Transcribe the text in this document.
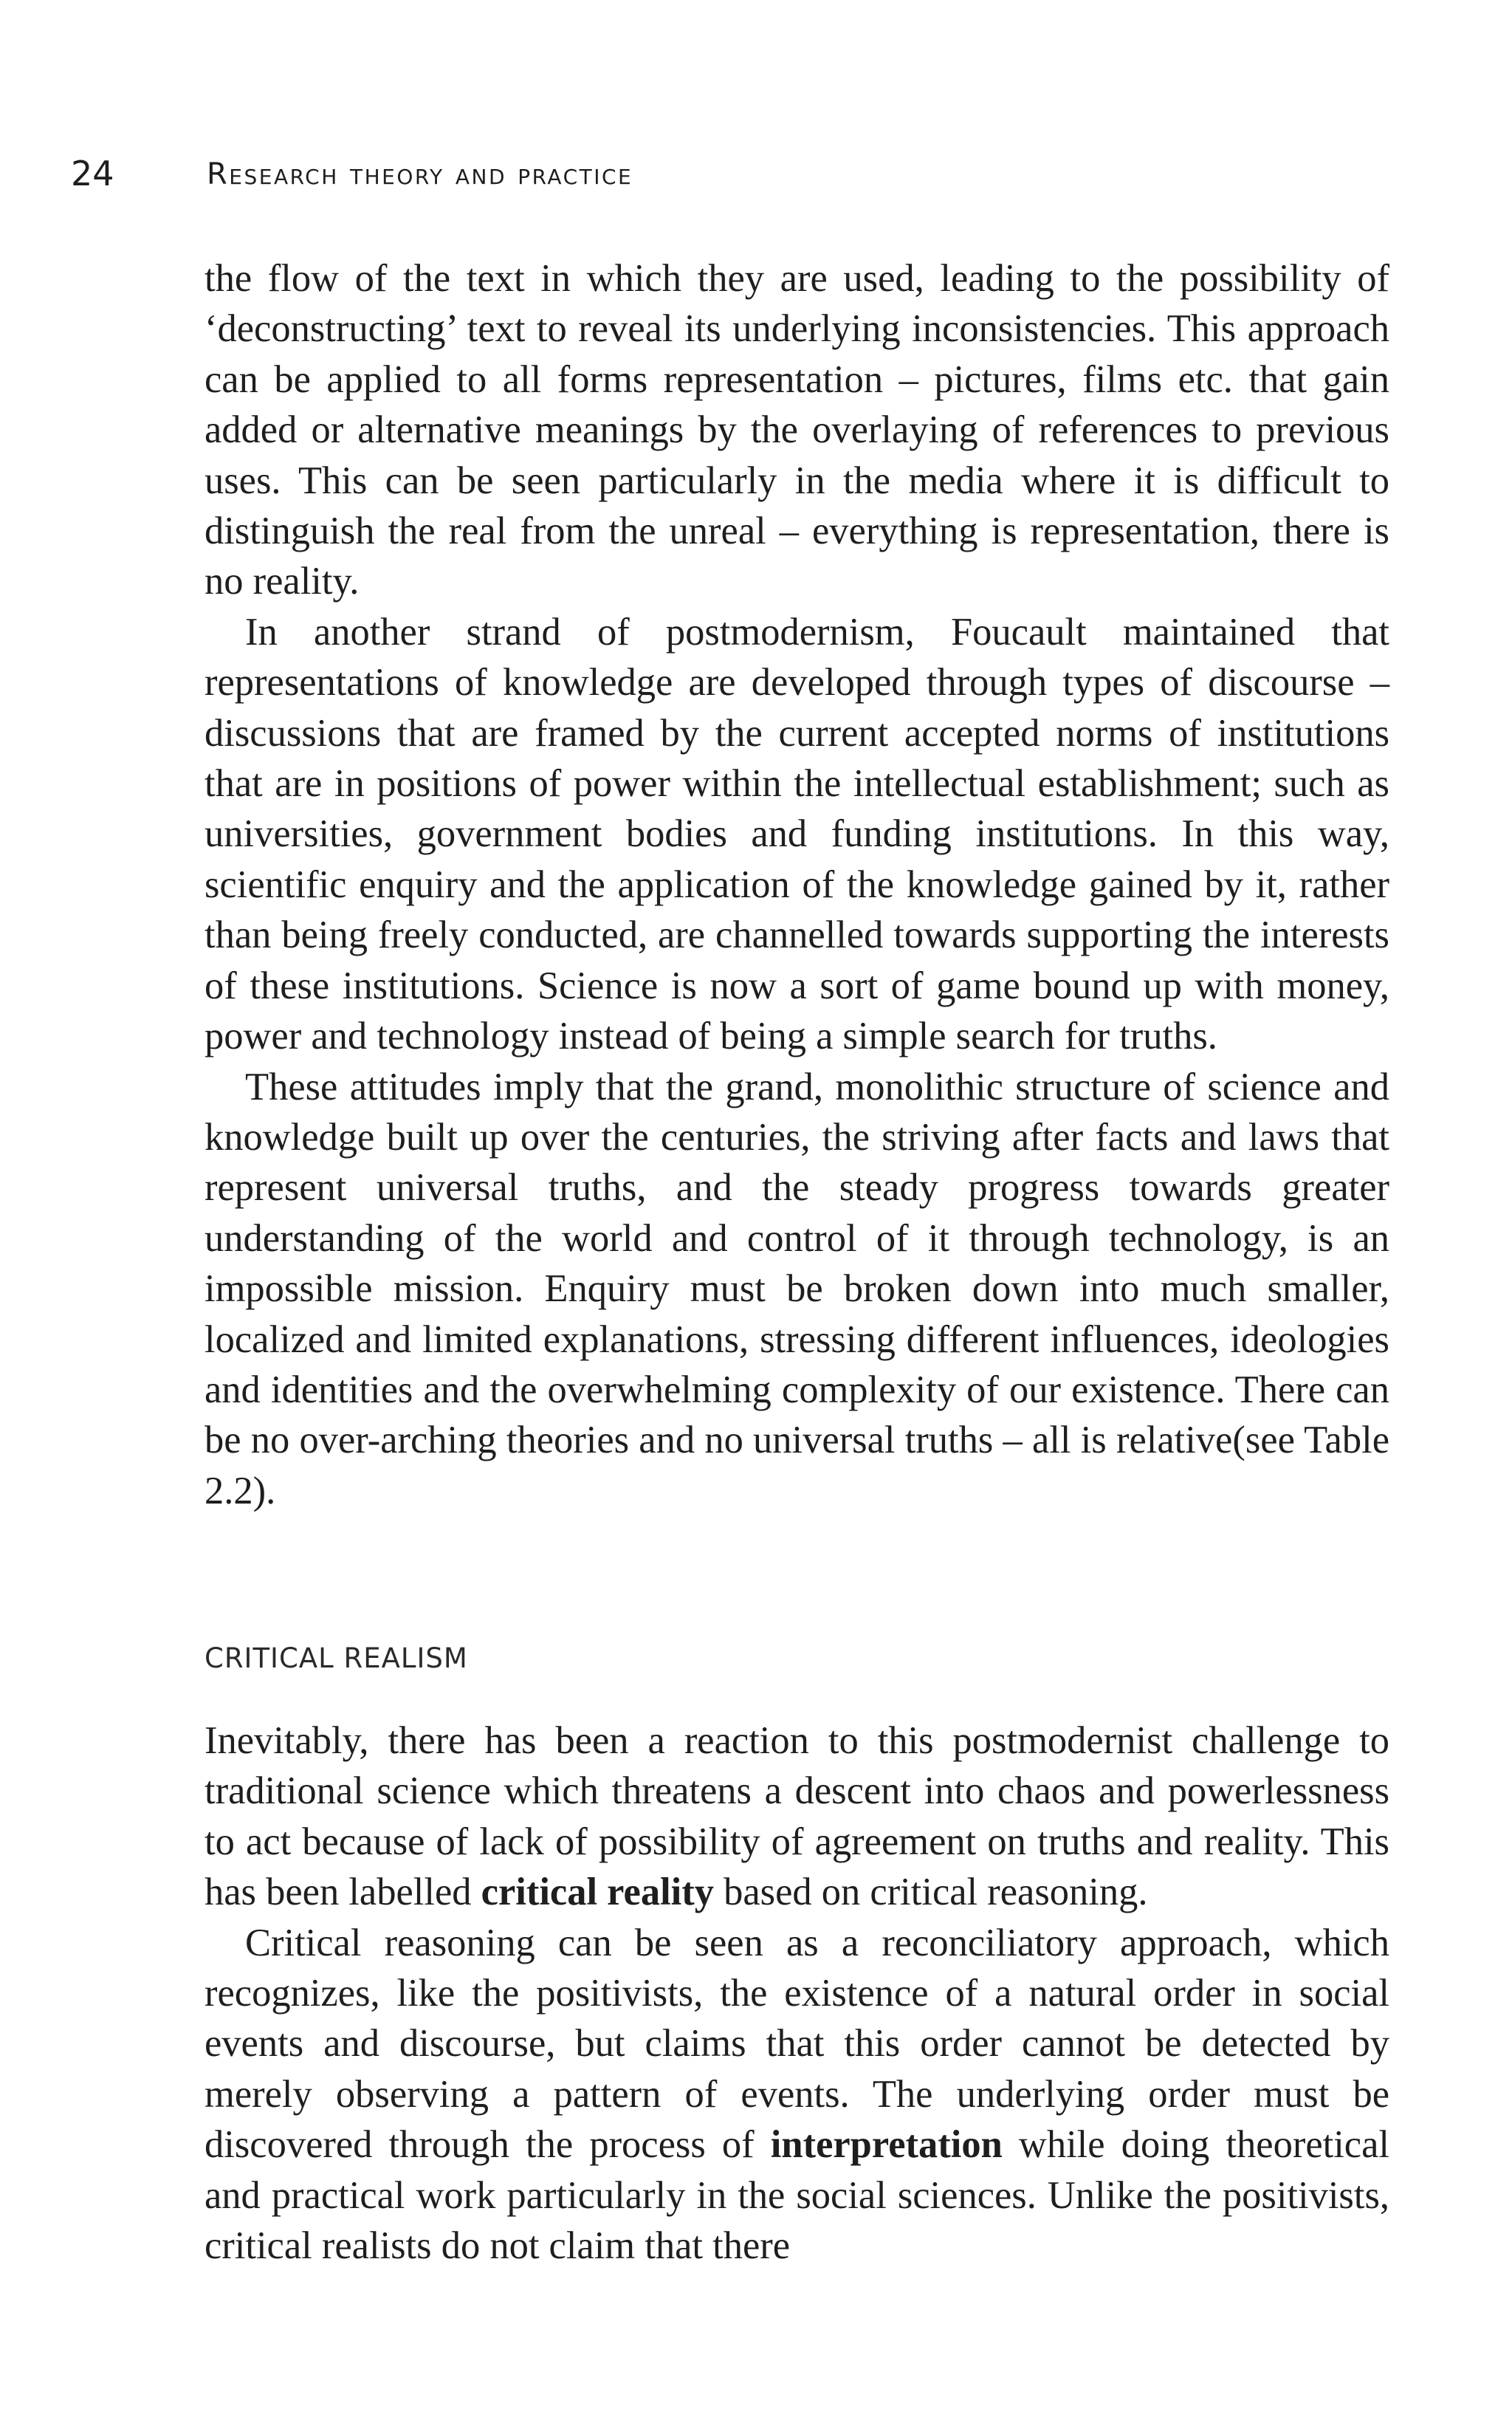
24	Research theory and practice

the flow of the text in which they are used, leading to the possibility of ‘deconstructing’ text to reveal its underlying inconsistencies. This approach can be applied to all forms representation – pictures, films etc. that gain added or alternative meanings by the overlaying of references to previous uses. This can be seen particularly in the media where it is difficult to distinguish the real from the unreal – everything is representation, there is no reality.

In another strand of postmodernism, Foucault maintained that representations of knowledge are developed through types of discourse – discussions that are framed by the current accepted norms of institutions that are in positions of power within the intellectual establishment; such as universities, government bodies and funding institutions. In this way, scientific enquiry and the application of the knowledge gained by it, rather than being freely conducted, are channelled towards supporting the interests of these institutions. Science is now a sort of game bound up with money, power and technology instead of being a simple search for truths.

These attitudes imply that the grand, monolithic structure of science and knowledge built up over the centuries, the striving after facts and laws that represent universal truths, and the steady progress towards greater understanding of the world and control of it through technology, is an impossible mission. Enquiry must be broken down into much smaller, localized and limited explanations, stressing different influences, ideologies and identities and the overwhelming complexity of our existence. There can be no over-arching theories and no universal truths – all is relative(see Table 2.2).

CRITICAL REALISM

Inevitably, there has been a reaction to this postmodernist challenge to traditional science which threatens a descent into chaos and powerlessness to act because of lack of possibility of agreement on truths and reality. This has been labelled critical reality based on critical reasoning.

Critical reasoning can be seen as a reconciliatory approach, which recognizes, like the positivists, the existence of a natural order in social events and discourse, but claims that this order cannot be detected by merely observing a pattern of events. The underlying order must be discovered through the process of interpretation while doing theoretical and practical work particularly in the social sciences. Unlike the positivists, critical realists do not claim that there
